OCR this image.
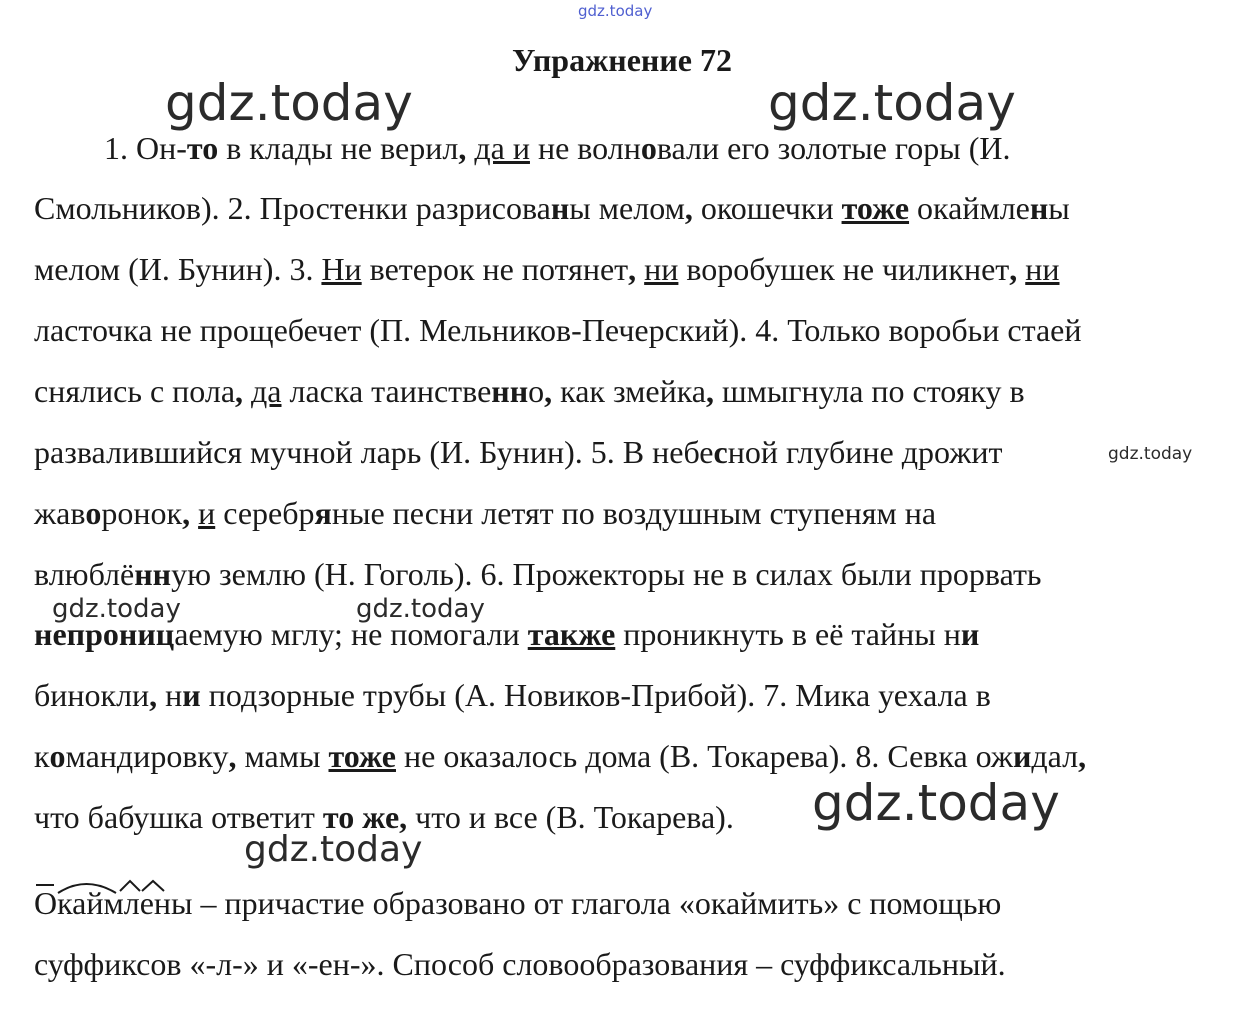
gdz.today
gdz.today	gdz.today
gdz.today
gdz.today	gdz.today
gdz.today
gdz.today
Упражнение 72
1. Он-то в клады не верил, да и не волновали его золотые горы (И.
Смольников). 2. Простенки разрисованы мелом, окошечки тоже окаймлены
мелом (И. Бунин). 3. Ни ветерок не потянет, ни воробушек не чиликнет, ни
ласточка не прощебечет (П. Мельников-Печерский). 4. Только воробьи стаей
снялись с пола, да ласка таинственно, как змейка, шмыгнула по стояку в
развалившийся мучной ларь (И. Бунин). 5. В небесной глубине дрожит
жаворонок, и серебряные песни летят по воздушным ступеням на
влюблённую землю (Н. Гоголь). 6. Прожекторы не в силах были прорвать
непроницаемую мглу; не помогали также проникнуть в её тайны ни
бинокли, ни подзорные трубы (А. Новиков-Прибой). 7. Мика уехала в
командировку, мамы тоже не оказалось дома (В. Токарева). 8. Севка ожидал,
что бабушка ответит то же, что и все (В. Токарева).
Окаймлены – причастие образовано от глагола «окаймить» с помощью
суффиксов «-л-» и «-ен-». Способ словообразования – суффиксальный.
